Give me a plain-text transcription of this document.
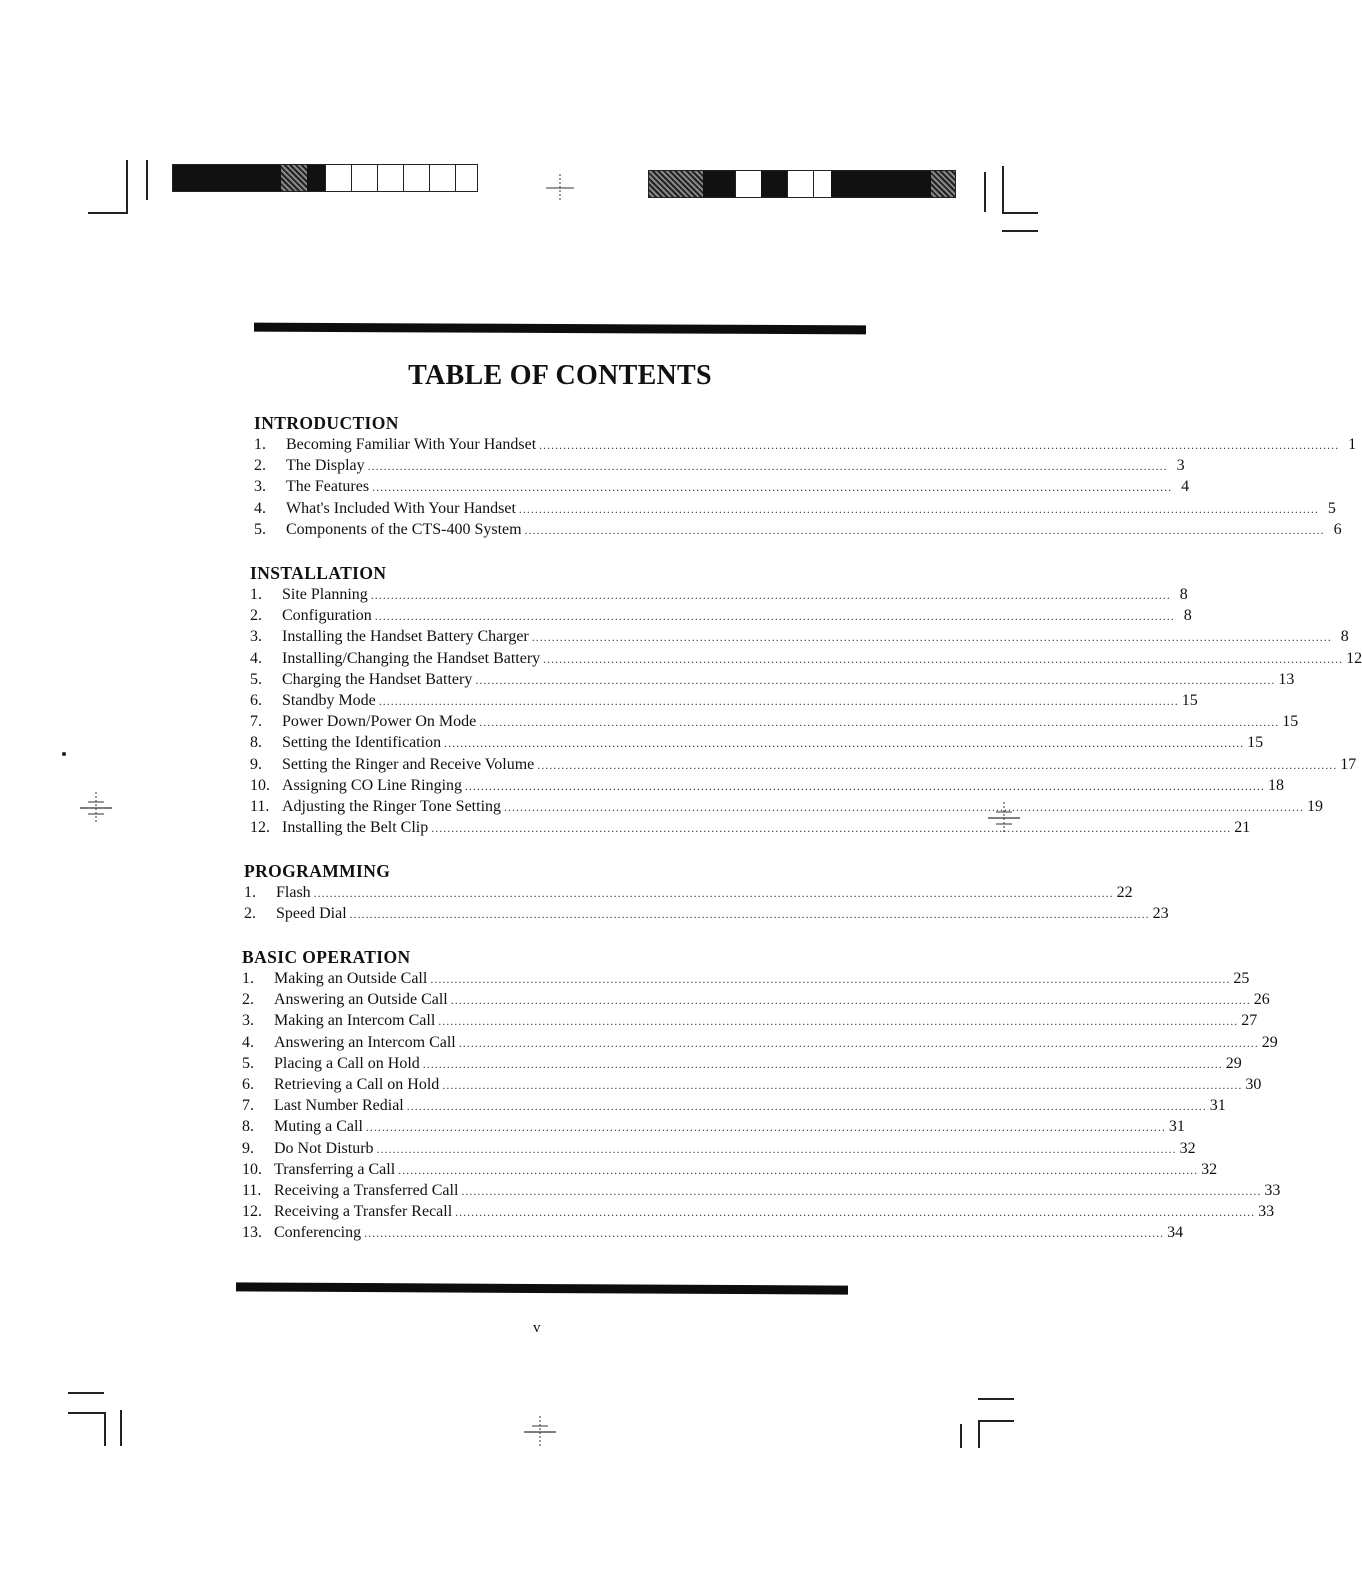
TABLE OF CONTENTS
INTRODUCTION
1.	Becoming Familiar With Your Handset ........................................................................................................................................................................................................ 1
2.	The Display ........................................................................................................................................................................................................ 3
3.	The Features ........................................................................................................................................................................................................ 4
4.	What's Included With Your Handset ........................................................................................................................................................................................................ 5
5.	Components of the CTS-400 System ........................................................................................................................................................................................................ 6
INSTALLATION
1.	Site Planning ........................................................................................................................................................................................................ 8
2.	Configuration ........................................................................................................................................................................................................ 8
3.	Installing the Handset Battery Charger ........................................................................................................................................................................................................ 8
4.	Installing/Changing the Handset Battery ........................................................................................................................................................................................................ 12
5.	Charging the Handset Battery ........................................................................................................................................................................................................ 13
6.	Standby Mode ........................................................................................................................................................................................................ 15
7.	Power Down/Power On Mode ........................................................................................................................................................................................................ 15
8.	Setting the Identification ........................................................................................................................................................................................................ 15
9.	Setting the Ringer and Receive Volume ........................................................................................................................................................................................................ 17
10. Assigning CO Line Ringing ........................................................................................................................................................................................................ 18
11. Adjusting the Ringer Tone Setting ........................................................................................................................................................................................................ 19
12. Installing the Belt Clip ........................................................................................................................................................................................................ 21
PROGRAMMING
1.	Flash ........................................................................................................................................................................................................ 22
2.	Speed Dial ........................................................................................................................................................................................................ 23
BASIC OPERATION
1.	Making an Outside Call ........................................................................................................................................................................................................ 25
2.	Answering an Outside Call ........................................................................................................................................................................................................ 26
3.	Making an Intercom Call ........................................................................................................................................................................................................ 27
4.	Answering an Intercom Call ........................................................................................................................................................................................................ 29
5.	Placing a Call on Hold ........................................................................................................................................................................................................ 29
6.	Retrieving a Call on Hold ........................................................................................................................................................................................................ 30
7.	Last Number Redial ........................................................................................................................................................................................................ 31
8.	Muting a Call ........................................................................................................................................................................................................ 31
9.	Do Not Disturb ........................................................................................................................................................................................................ 32
10. Transferring a Call ........................................................................................................................................................................................................ 32
11. Receiving a Transferred Call ........................................................................................................................................................................................................ 33
12. Receiving a Transfer Recall ........................................................................................................................................................................................................ 33
13. Conferencing ........................................................................................................................................................................................................ 34
v
